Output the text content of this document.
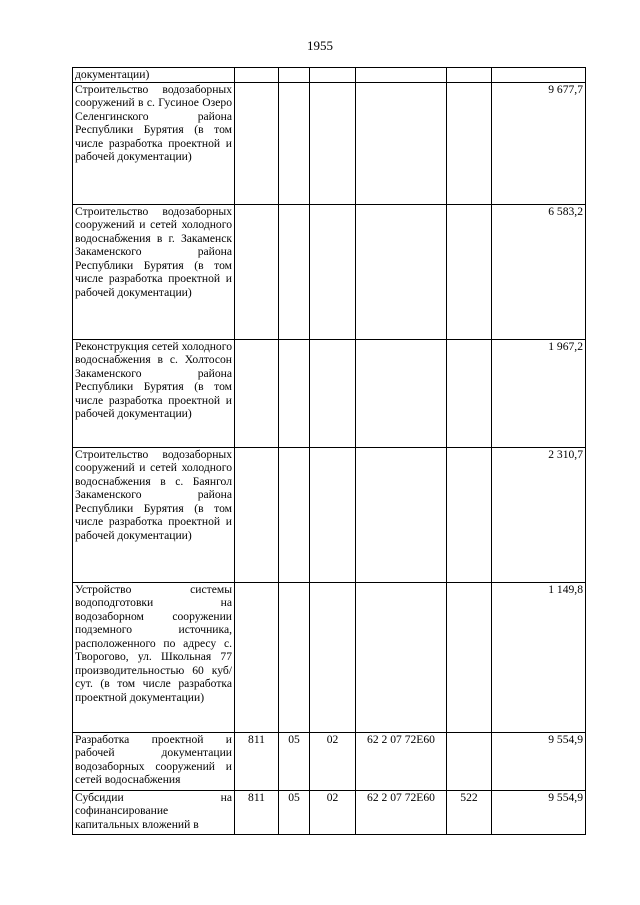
1955
документации)						
Строительство водозаборных сооружений в с. Гусиное Озеро Селенгинского района Республики Бурятия (в том числе разработка проектной и рабочей документации)						9 677,7
Строительство водозаборных сооружений и сетей холодного водоснабжения в г. Закаменск Закаменского района Республики Бурятия (в том числе разработка проектной и рабочей документации)						6 583,2
Реконструкция сетей холодного водоснабжения в с. Холтосон Закаменского района Республики Бурятия (в том числе разработка проектной и рабочей документации)						1 967,2
Строительство водозаборных сооружений и сетей холодного водоснабжения в с. Баянгол Закаменского района Республики Бурятия (в том числе разработка проектной и рабочей документации)						2 310,7
Устройство системы водоподготовки на водозаборном сооружении подземного источника, расположенного по адресу с. Творогово, ул. Школьная 77 производительностью 60 куб/сут. (в том числе разработка проектной документации)						1 149,8
Разработка проектной и рабочей документации водозаборных сооружений и сетей водоснабжения	811	05	02	62 2 07 72E60		9 554,9
Субсидии на софинансирование капитальных вложений в	811	05	02	62 2 07 72E60	522	9 554,9
